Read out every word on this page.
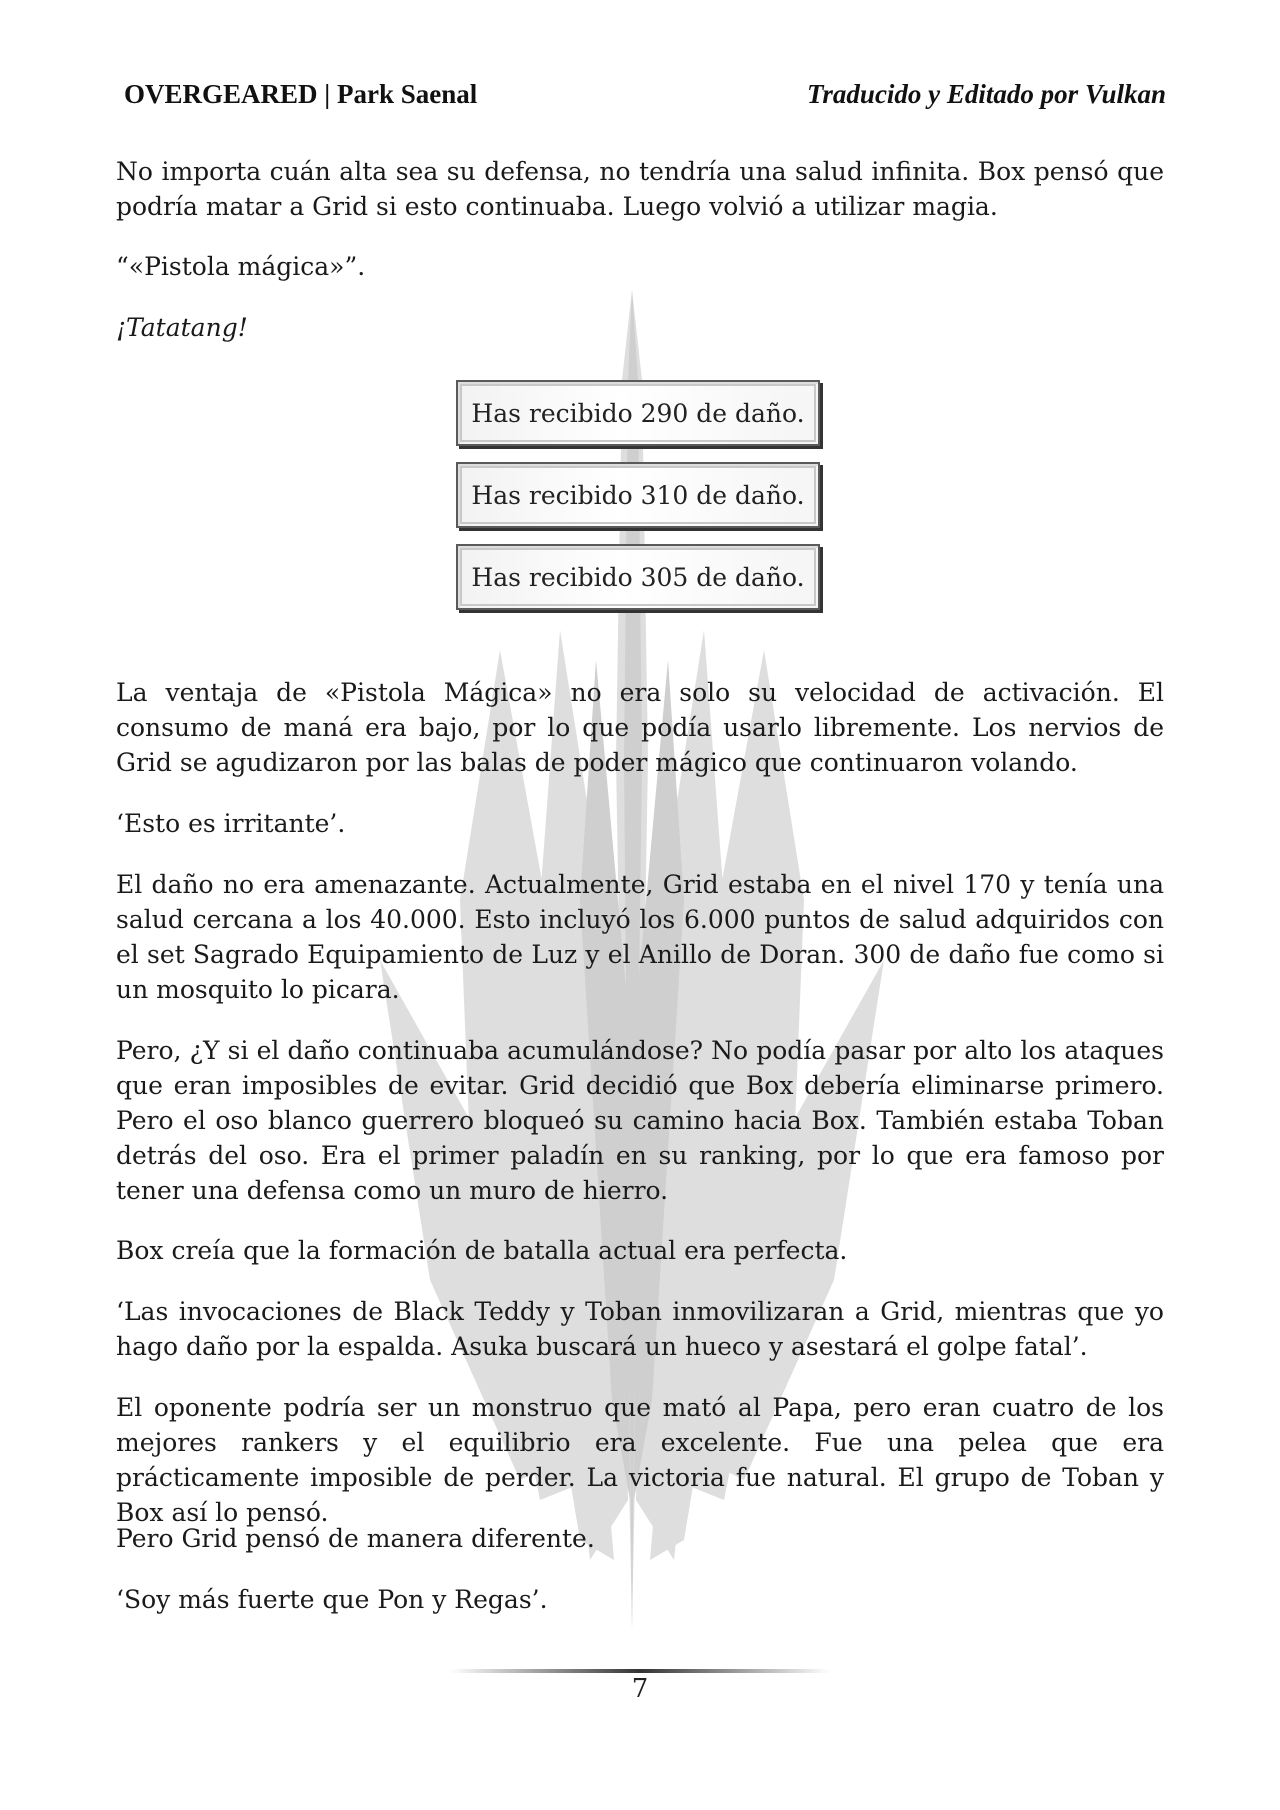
OVERGEARED | Park Saenal	Traducido y Editado por Vulkan

No importa cuán alta sea su defensa, no tendría una salud infinita. Box pensó que podría matar a Grid si esto continuaba. Luego volvió a utilizar magia.

“«Pistola mágica»”.

¡Tatatang!

Has recibido 290 de daño.
Has recibido 310 de daño.
Has recibido 305 de daño.

La ventaja de «Pistola Mágica» no era solo su velocidad de activación. El consumo de maná era bajo, por lo que podía usarlo libremente. Los nervios de Grid se agudizaron por las balas de poder mágico que continuaron volando.

‘Esto es irritante’.

El daño no era amenazante. Actualmente, Grid estaba en el nivel 170 y tenía una salud cercana a los 40.000. Esto incluyó los 6.000 puntos de salud adquiridos con el set Sagrado Equipamiento de Luz y el Anillo de Doran. 300 de daño fue como si un mosquito lo picara.

Pero, ¿Y si el daño continuaba acumulándose? No podía pasar por alto los ataques que eran imposibles de evitar. Grid decidió que Box debería eliminarse primero. Pero el oso blanco guerrero bloqueó su camino hacia Box. También estaba Toban detrás del oso. Era el primer paladín en su ranking, por lo que era famoso por tener una defensa como un muro de hierro.

Box creía que la formación de batalla actual era perfecta.

‘Las invocaciones de Black Teddy y Toban inmovilizaran a Grid, mientras que yo hago daño por la espalda. Asuka buscará un hueco y asestará el golpe fatal’.

El oponente podría ser un monstruo que mató al Papa, pero eran cuatro de los mejores rankers y el equilibrio era excelente. Fue una pelea que era prácticamente imposible de perder. La victoria fue natural. El grupo de Toban y Box así lo pensó.

Pero Grid pensó de manera diferente.

‘Soy más fuerte que Pon y Regas’.

7
